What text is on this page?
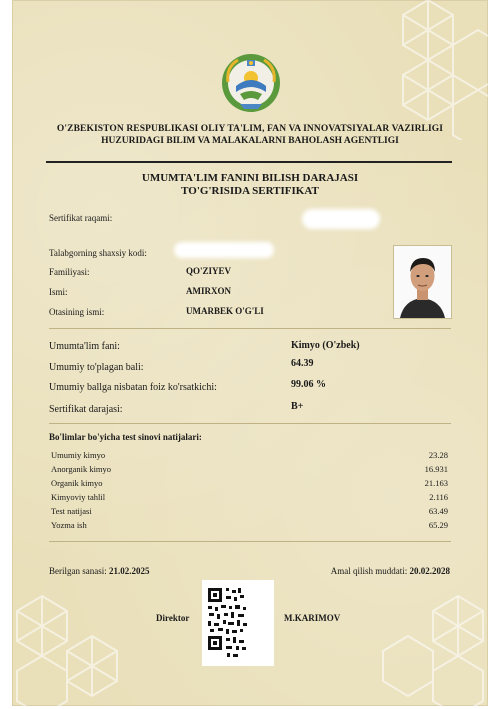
O'ZBEKISTON RESPUBLIKASI OLIY TA'LIM, FAN VA INNOVATSIYALAR VAZIRLIGI
HUZURIDAGI BILIM VA MALAKALARNI BAHOLASH AGENTLIGI
UMUMTA'LIM FANINI BILISH DARAJASI
TO'G'RISIDA SERTIFIKAT
Sertifikat raqami:
Talabgorning shaxsiy kodi:
Familiyasi:	QO'ZIYEV
Ismi:	AMIRXON
Otasining ismi:	UMARBEK O'G'LI
Umumta'lim fani:	Kimyo (O'zbek)
Umumiy to'plagan bali:	64.39
Umumiy ballga nisbatan foiz ko'rsatkichi:	99.06 %
Sertifikat darajasi:	B+
Bo'limlar bo'yicha test sinovi natijalari:
Umumiy kimyo	23.28
Anorganik kimyo	16.931
Organik kimyo	21.163
Kimyoviy tahlil	2.116
Test natijasi	63.49
Yozma ish	65.29
Berilgan sanasi: 21.02.2025	Amal qilish muddati: 20.02.2028
Direktor	M.KARIMOV
